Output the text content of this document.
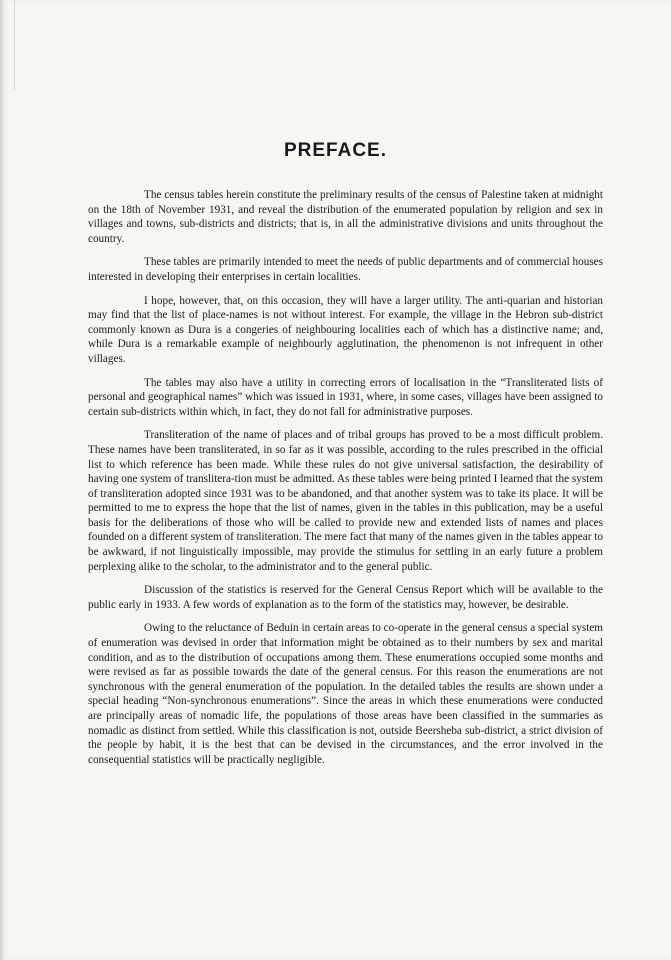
PREFACE.

The census tables herein constitute the preliminary results of the census of Palestine taken at midnight on the 18th of November 1931, and reveal the distribution of the enumerated population by religion and sex in villages and towns, sub-districts and districts; that is, in all the administrative divisions and units throughout the country.

These tables are primarily intended to meet the needs of public departments and of commercial houses interested in developing their enterprises in certain localities.

I hope, however, that, on this occasion, they will have a larger utility. The anti-quarian and historian may find that the list of place-names is not without interest. For example, the village in the Hebron sub-district commonly known as Dura is a congeries of neighbouring localities each of which has a distinctive name; and, while Dura is a remarkable example of neighbourly agglutination, the phenomenon is not infrequent in other villages.

The tables may also have a utility in correcting errors of localisation in the “Transliterated lists of personal and geographical names” which was issued in 1931, where, in some cases, villages have been assigned to certain sub-districts within which, in fact, they do not fall for administrative purposes.

Transliteration of the name of places and of tribal groups has proved to be a most difficult problem. These names have been transliterated, in so far as it was possible, according to the rules prescribed in the official list to which reference has been made. While these rules do not give universal satisfaction, the desirability of having one system of translitera-tion must be admitted. As these tables were being printed I learned that the system of transliteration adopted since 1931 was to be abandoned, and that another system was to take its place. It will be permitted to me to express the hope that the list of names, given in the tables in this publication, may be a useful basis for the deliberations of those who will be called to provide new and extended lists of names and places founded on a different system of transliteration. The mere fact that many of the names given in the tables appear to be awkward, if not linguistically impossible, may provide the stimulus for settling in an early future a problem perplexing alike to the scholar, to the administrator and to the general public.

Discussion of the statistics is reserved for the General Census Report which will be available to the public early in 1933. A few words of explanation as to the form of the statistics may, however, be desirable.

Owing to the reluctance of Beduin in certain areas to co-operate in the general census a special system of enumeration was devised in order that information might be obtained as to their numbers by sex and marital condition, and as to the distribution of occupations among them. These enumerations occupied some months and were revised as far as possible towards the date of the general census. For this reason the enumerations are not synchronous with the general enumeration of the population. In the detailed tables the results are shown under a special heading “Non-synchronous enumerations”. Since the areas in which these enumerations were conducted are principally areas of nomadic life, the populations of those areas have been classified in the summaries as nomadic as distinct from settled. While this classification is not, outside Beersheba sub-district, a strict division of the people by habit, it is the best that can be devised in the circumstances, and the error involved in the consequential statistics will be practically negligible.
